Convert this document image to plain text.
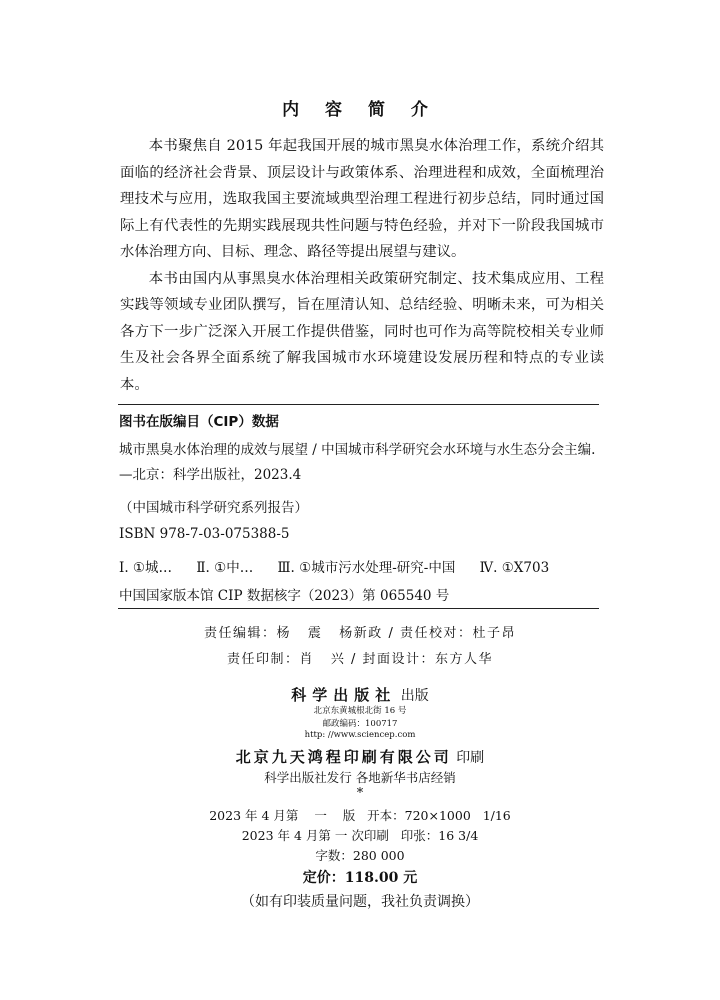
内 容 简 介

本书聚焦自 2015 年起我国开展的城市黑臭水体治理工作，系统介绍其面临的经济社会背景、顶层设计与政策体系、治理进程和成效，全面梳理治理技术与应用，选取我国主要流域典型治理工程进行初步总结，同时通过国际上有代表性的先期实践展现共性问题与特色经验，并对下一阶段我国城市水体治理方向、目标、理念、路径等提出展望与建议。

本书由国内从事黑臭水体治理相关政策研究制定、技术集成应用、工程实践等领域专业团队撰写，旨在厘清认知、总结经验、明晰未来，可为相关各方下一步广泛深入开展工作提供借鉴，同时也可作为高等院校相关专业师生及社会各界全面系统了解我国城市水环境建设发展历程和特点的专业读本。

图书在版编目（CIP）数据

城市黑臭水体治理的成效与展望 / 中国城市科学研究会水环境与水生态分会主编. —北京：科学出版社，2023.4

（中国城市科学研究系列报告）
ISBN 978-7-03-075388-5
Ⅰ. ①城… Ⅱ. ①中… Ⅲ. ①城市污水处理-研究-中国 Ⅳ. ①X703
中国国家版本馆 CIP 数据核字（2023）第 065540 号
责任编辑：杨   震   杨新政 / 责任校对：杜子昂
责任印制：肖   兴 / 封面设计：东方人华
科学出版社 出版
北京东黄城根北街 16 号
邮政编码：100717
http: //www.sciencep.com
北京九天鸿程印刷有限公司 印刷
科学出版社发行 各地新华书店经销
*
2023 年 4 月第    一    版   开本：720×1000   1/16
2023 年 4 月第 一 次印刷   印张：16 3/4
字数：280 000
定价：118.00 元
（如有印装质量问题，我社负责调换）
